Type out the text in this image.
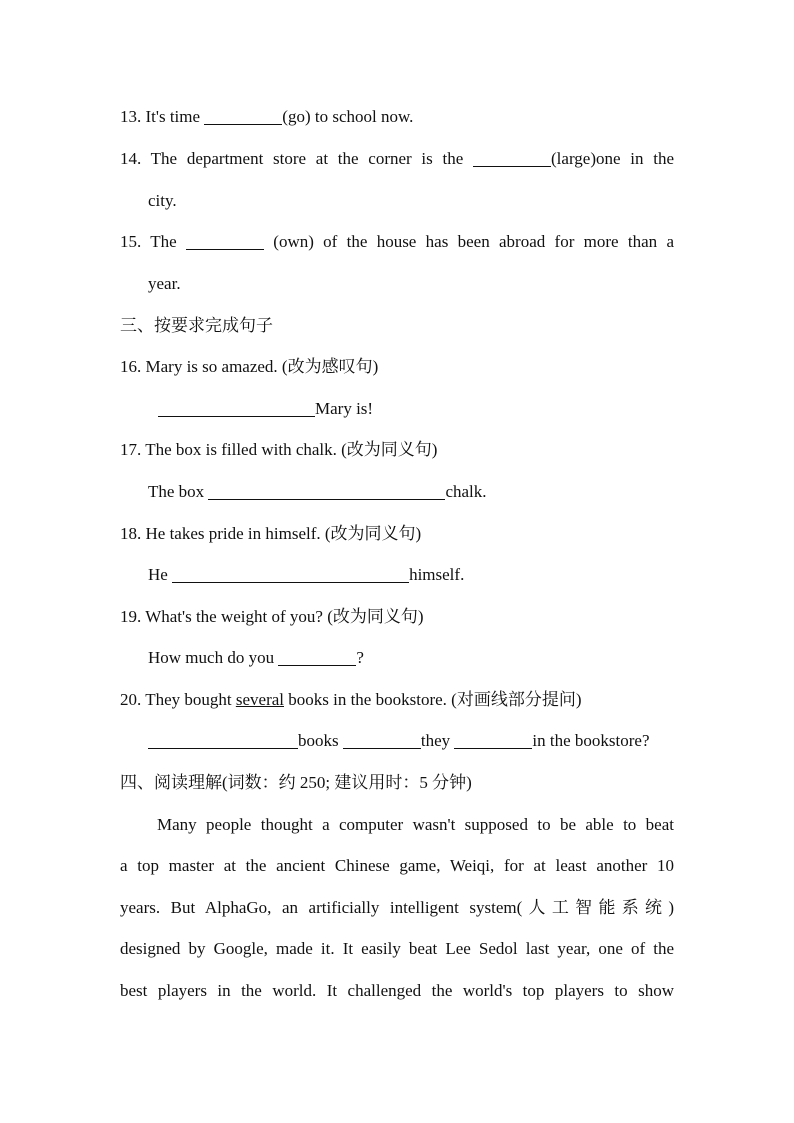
13. It's time	(go) to school now.
14. The department store at the corner is the	(large)one in the
city.
15. The	(own) of the house has been abroad for more than a
year.
三、按要求完成句子
16. Mary is so amazed. (改为感叹句)
Mary is!
17. The box is filled with chalk. (改为同义句)
The box	chalk.
18. He takes pride in himself. (改为同义句)
He	himself.
19. What's the weight of you? (改为同义句)
How much do you	?
20. They bought several books in the bookstore. (对画线部分提问)
books	they	in the bookstore?
四、阅读理解(词数：约 250; 建议用时：5 分钟)
Many people thought a computer wasn't supposed to be able to beat
a top master at the ancient Chinese game, Weiqi, for at least another 10
years. But AlphaGo, an artificially intelligent system(人工智能系统)
designed by Google, made it. It easily beat Lee Sedol last year, one of the
best players in the world. It challenged the world's top players to show
